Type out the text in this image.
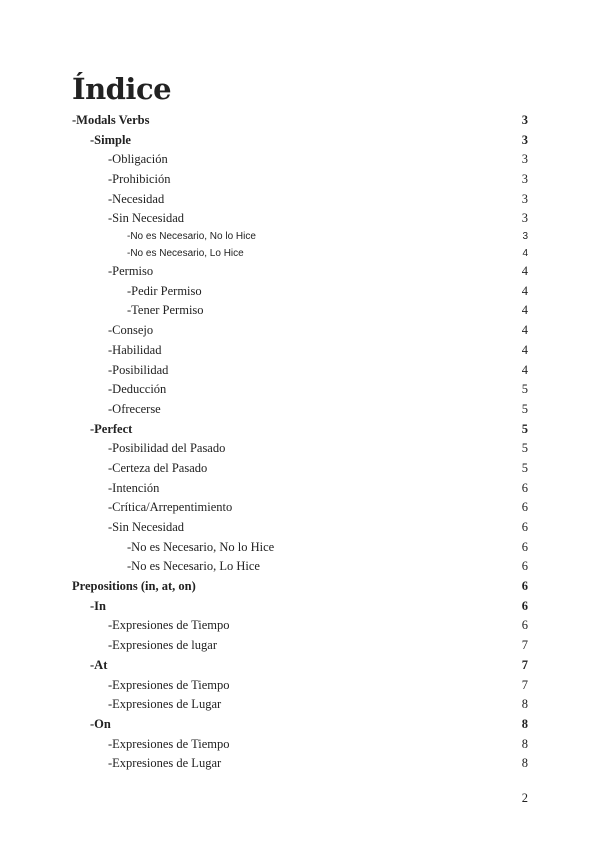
Índice
-Modals Verbs	3
-Simple	3
-Obligación	3
-Prohibición	3
-Necesidad	3
-Sin Necesidad	3
-No es Necesario, No lo Hice	3
-No es Necesario, Lo Hice	4
-Permiso	4
-Pedir Permiso	4
-Tener Permiso	4
-Consejo	4
-Habilidad	4
-Posibilidad	4
-Deducción	5
-Ofrecerse	5
-Perfect	5
-Posibilidad del Pasado	5
-Certeza del Pasado	5
-Intención	6
-Crítica/Arrepentimiento	6
-Sin Necesidad	6
-No es Necesario, No lo Hice	6
-No es Necesario, Lo Hice	6
Prepositions (in, at, on)	6
-In	6
-Expresiones de Tiempo	6
-Expresiones de lugar	7
-At	7
-Expresiones de Tiempo	7
-Expresiones de Lugar	8
-On	8
-Expresiones de Tiempo	8
-Expresiones de Lugar	8
2
